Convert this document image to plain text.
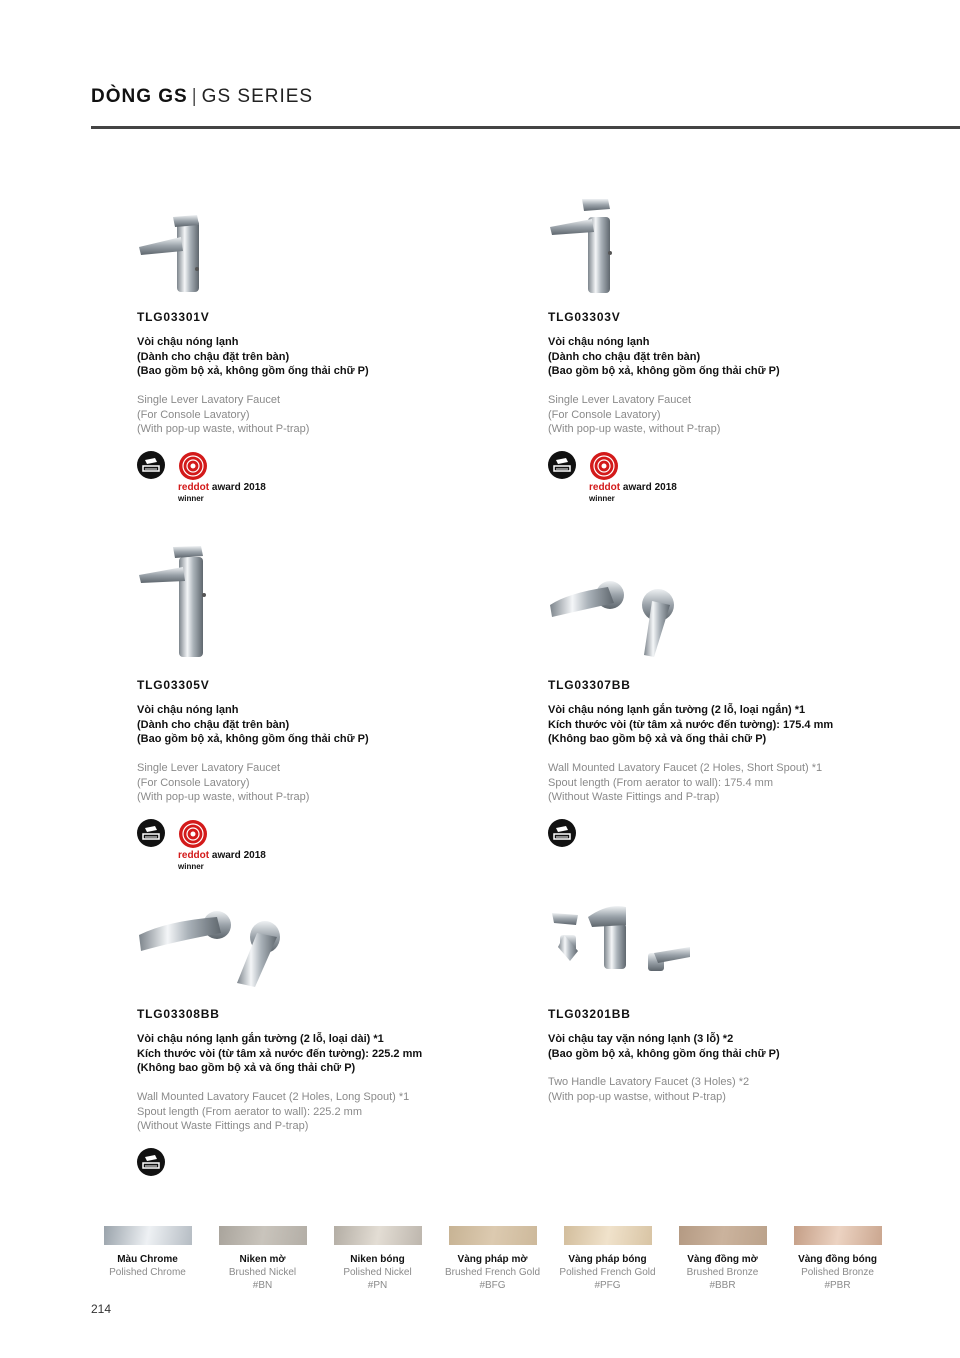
DÒNG GS | GS SERIES
TLG03301V
Vòi chậu nóng lạnh
(Dành cho chậu đặt trên bàn)
(Bao gồm bộ xả, không gồm ống thải chữ P)
Single Lever Lavatory Faucet
(For Console Lavatory)
(With pop-up waste, without P-trap)
reddot award 2018
winner
TLG03303V
Vòi chậu nóng lạnh
(Dành cho chậu đặt trên bàn)
(Bao gồm bộ xả, không gồm ống thải chữ P)
Single Lever Lavatory Faucet
(For Console Lavatory)
(With pop-up waste, without P-trap)
reddot award 2018
winner
TLG03305V
Vòi chậu nóng lạnh
(Dành cho chậu đặt trên bàn)
(Bao gồm bộ xả, không gồm ống thải chữ P)
Single Lever Lavatory Faucet
(For Console Lavatory)
(With pop-up waste, without P-trap)
reddot award 2018
winner
TLG03307BB
Vòi chậu nóng lạnh gắn tường (2 lỗ, loại ngắn) *1
Kích thước vòi (từ tâm xả nước đến tường): 175.4 mm
(Không bao gồm bộ xả và ống thải chữ P)
Wall Mounted Lavatory Faucet (2 Holes, Short Spout) *1
Spout length (From aerator to wall): 175.4 mm
(Without Waste Fittings and P-trap)
TLG03308BB
Vòi chậu nóng lạnh gắn tường (2 lỗ, loại dài) *1
Kích thước vòi (từ tâm xả nước đến tường): 225.2 mm
(Không bao gồm bộ xả và ống thải chữ P)
Wall Mounted Lavatory Faucet (2 Holes, Long Spout) *1
Spout length (From aerator to wall): 225.2 mm
(Without Waste Fittings and P-trap)
TLG03201BB
Vòi chậu tay vặn nóng lạnh (3 lỗ) *2
(Bao gồm bộ xả, không gồm ống thải chữ P)
Two Handle Lavatory Faucet (3 Holes) *2
(With pop-up wastse, without P-trap)
Màu Chrome
Polished Chrome
Niken mờ
Brushed Nickel
#BN
Niken bóng
Polished Nickel
#PN
Vàng pháp mờ
Brushed French Gold
#BFG
Vàng pháp bóng
Polished French Gold
#PFG
Vàng đồng mờ
Brushed Bronze
#BBR
Vàng đồng bóng
Polished Bronze
#PBR
214
